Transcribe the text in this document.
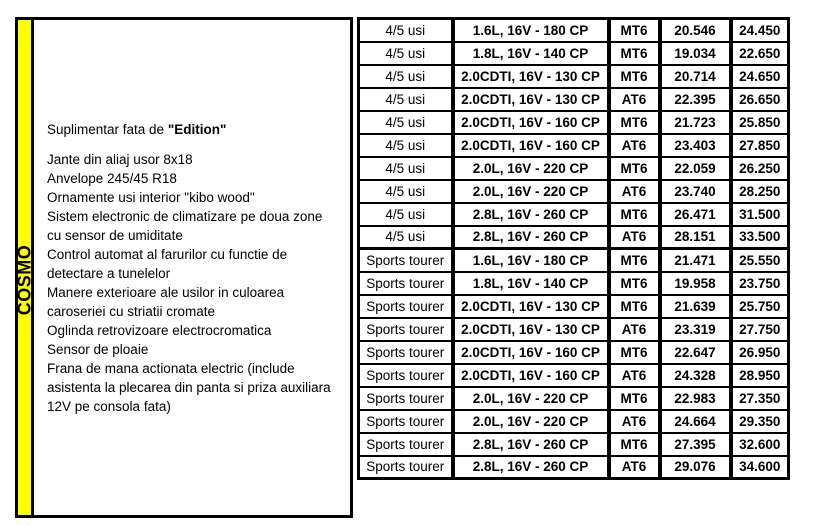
COSMO
Suplimentar fata de "Edition"
Jante din aliaj usor 8x18
Anvelope 245/45 R18
Ornamente usi interior "kibo wood"
Sistem electronic de climatizare pe doua zone
cu sensor de umiditate
Control automat al farurilor cu functie de
detectare a tunelelor
Manere exterioare ale usilor in culoarea
caroseriei cu striatii cromate
Oglinda retrovizoare electrocromatica
Sensor de ploaie
Frana de mana actionata electric (include
asistenta la plecarea din panta si priza auxiliara
12V pe consola fata)
4/5 usi	1.6L, 16V - 180 CP	MT6	20.546	24.450
4/5 usi	1.8L, 16V - 140 CP	MT6	19.034	22.650
4/5 usi	2.0CDTI, 16V - 130 CP	MT6	20.714	24.650
4/5 usi	2.0CDTI, 16V - 130 CP	AT6	22.395	26.650
4/5 usi	2.0CDTI, 16V - 160 CP	MT6	21.723	25.850
4/5 usi	2.0CDTI, 16V - 160 CP	AT6	23.403	27.850
4/5 usi	2.0L, 16V - 220 CP	MT6	22.059	26.250
4/5 usi	2.0L, 16V - 220 CP	AT6	23.740	28.250
4/5 usi	2.8L, 16V - 260 CP	MT6	26.471	31.500
4/5 usi	2.8L, 16V - 260 CP	AT6	28.151	33.500
Sports tourer	1.6L, 16V - 180 CP	MT6	21.471	25.550
Sports tourer	1.8L, 16V - 140 CP	MT6	19.958	23.750
Sports tourer	2.0CDTI, 16V - 130 CP	MT6	21.639	25.750
Sports tourer	2.0CDTI, 16V - 130 CP	AT6	23.319	27.750
Sports tourer	2.0CDTI, 16V - 160 CP	MT6	22.647	26.950
Sports tourer	2.0CDTI, 16V - 160 CP	AT6	24.328	28.950
Sports tourer	2.0L, 16V - 220 CP	MT6	22.983	27.350
Sports tourer	2.0L, 16V - 220 CP	AT6	24.664	29.350
Sports tourer	2.8L, 16V - 260 CP	MT6	27.395	32.600
Sports tourer	2.8L, 16V - 260 CP	AT6	29.076	34.600
